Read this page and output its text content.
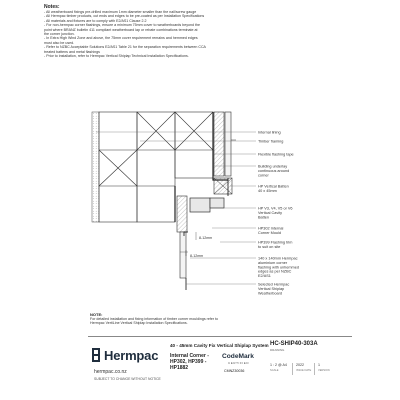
Notes:
- All weatherboard fixings pre-drilled maximum 1mm diameter smaller than the nail/screw gauge
- All Hermpac timber products, cut ends and edges to be pre-coated as per Installation Specifications
- All materials and fixtures are to comply with E2/AS1 Clause 2.2
- For non-hermpac corner flashings, ensure a minimum 75mm cover to weatherboards beyond the
point where BRANZ bulletin 411 compliant weatherboard lap or rebate combinations terminate at
the corner junction.
- In Extra High Wind Zone and above, the 75mm cover requirement remains and hemmed edges
must also be used.
- Refer to NZBC Acceptable Solutions E2/AS1 Table 21 for the separation requirements between CCA
treated battens and metal flashings
- Prior to installation, refer to Hermpac Vertical Shiplap Technical Installation Specifications.
8-12mm
8-12mm
Internal lining
Timber framing
Flexible flashing tape
Building underlay continuous around corner
HP Vertical Batten 40 x 45mm
HP V3, V4, V5 or V6 Vertical Cavity Batten
HP302 Internal Corner Mould
HP399 Flashing trim to suit on site
140 x 140mm Hermpac aluminium corner flashing with unhemmed edges as per NZBC E2/AS1
Selected Hermpac Vertical Shiplap Weatherboard
NOTE:
For detailed installation and fixing information of timber corner mouldings refer to
Hermpac VertiLine Vertical Shiplap Installation Specifications.
Hermpac
hermpac.co.nz
SUBJECT TO CHANGE WITHOUT NOTICE
40 - 45mm Cavity Fix Vertical Shiplap System
Internal Corner - HP302, HP399 - HP1882
CodeMark
CERTIFIED
CMNZ30036
HC-SHIP40-303A
DRAWING
1 : 2 @ A4
SCALE
2022
ISSUE DATE
1
VERSION
